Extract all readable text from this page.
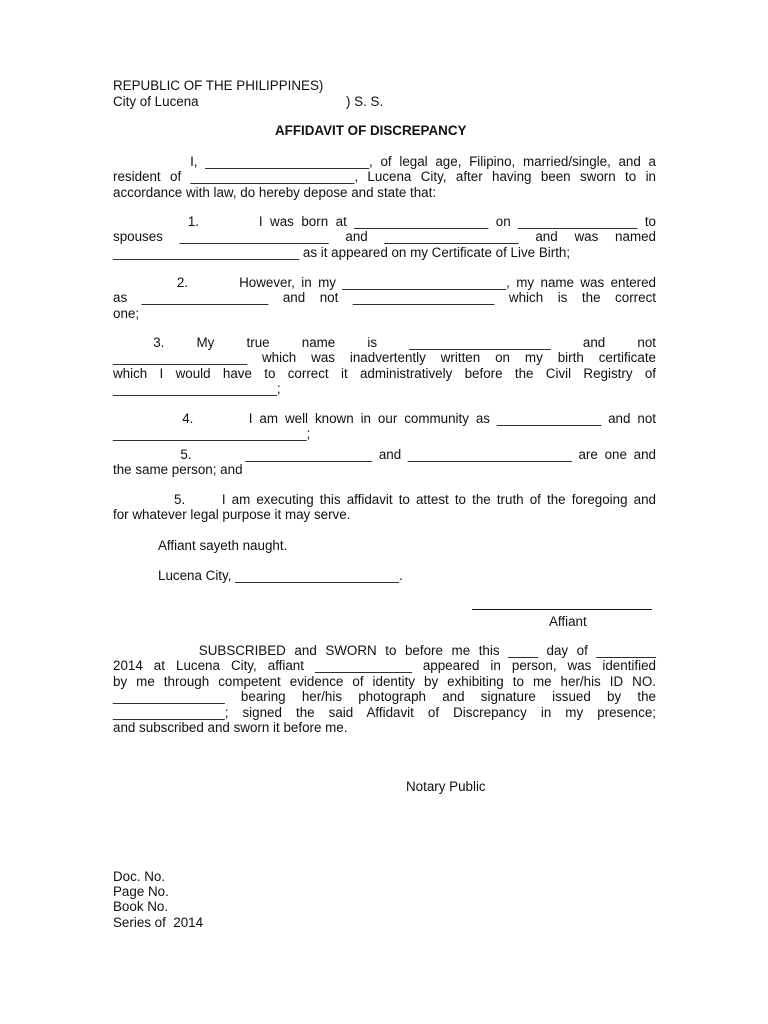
REPUBLIC OF THE PHILIPPINES)
City of Lucena	) S. S.
AFFIDAVIT OF DISCREPANCY
I, ______________________, of legal age, Filipino, married/single, and a
resident of ______________________, Lucena City, after having been sworn to in
accordance with law, do hereby depose and state that:
1.        I was born at __________________ on ________________ to
spouses ____________________ and __________________ and was named
_________________________ as it appeared on my Certificate of Live Birth;
2.        However, in my ______________________, my name was entered
as _________________ and not ___________________ which is the correct
one;
3.        My        true        name        is        ___________________        and        not
__________________ which was inadvertently written on my birth certificate
which I would have to correct it administratively before the Civil Registry of
______________________;
4.        I am well known in our community as ______________ and not
__________________________;
5.        _________________ and ______________________ are one and
the same person; and
5.      I am executing this affidavit to attest to the truth of the foregoing and
for whatever legal purpose it may serve.
Affiant sayeth naught.
Lucena City, ______________________.
Affiant
SUBSCRIBED and SWORN to before me this ____ day of ________
2014 at Lucena City, affiant _____________ appeared in person, was identified
by me through competent evidence of identity by exhibiting to me her/his ID NO.
_______________ bearing her/his photograph and signature issued by the
_______________; signed the said Affidavit of Discrepancy in my presence;
and subscribed and sworn it before me.
Notary Public
Doc. No.
Page No.
Book No.
Series of  2014
